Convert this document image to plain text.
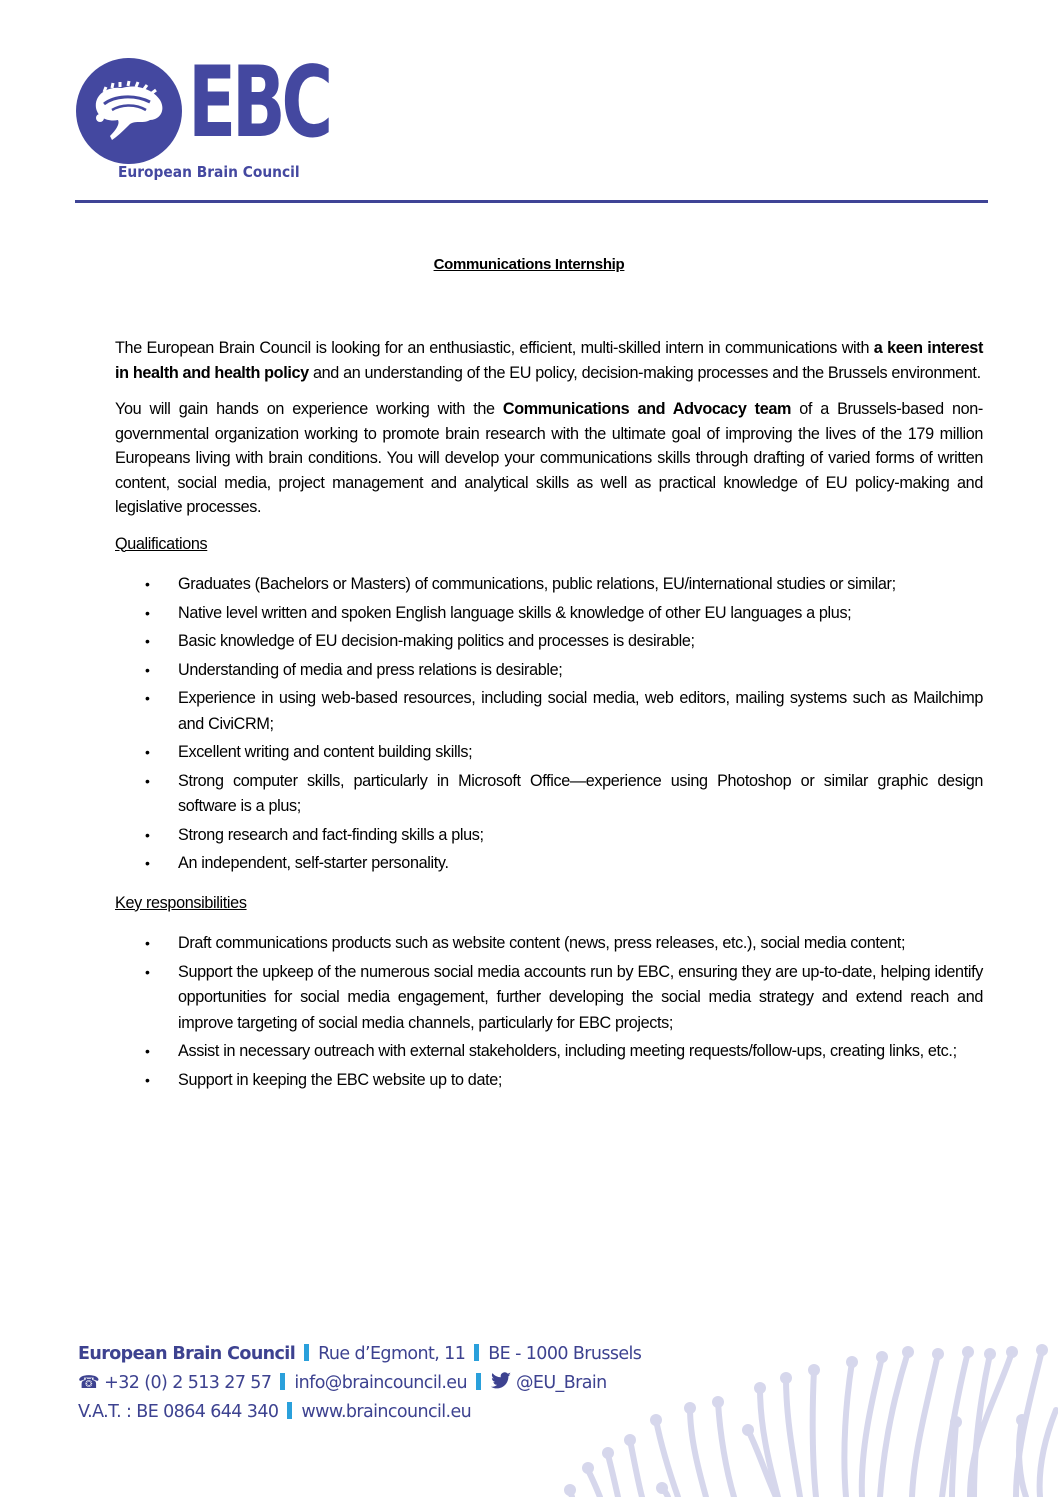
EBC
European Brain Council
Communications Internship

The European Brain Council is looking for an enthusiastic, efficient, multi-skilled intern in communications with a keen interest in health and health policy and an understanding of the EU policy, decision-making processes and the Brussels environment.

You will gain hands on experience working with the Communications and Advocacy team of a Brussels-based non-governmental organization working to promote brain research with the ultimate goal of improving the lives of the 179 million Europeans living with brain conditions. You will develop your communications skills through drafting of varied forms of written content, social media, project management and analytical skills as well as practical knowledge of EU policy-making and legislative processes.

Qualifications
• Graduates (Bachelors or Masters) of communications, public relations, EU/international studies or similar;
• Native level written and spoken English language skills & knowledge of other EU languages a plus;
• Basic knowledge of EU decision-making politics and processes is desirable;
• Understanding of media and press relations is desirable;
• Experience in using web-based resources, including social media, web editors, mailing systems such as Mailchimp and CiviCRM;
• Excellent writing and content building skills;
• Strong computer skills, particularly in Microsoft Office—experience using Photoshop or similar graphic design software is a plus;
• Strong research and fact-finding skills a plus;
• An independent, self-starter personality.
Key responsibilities
• Draft communications products such as website content (news, press releases, etc.), social media content;
• Support the upkeep of the numerous social media accounts run by EBC, ensuring they are up-to-date, helping identify opportunities for social media engagement, further developing the social media strategy and extend reach and improve targeting of social media channels, particularly for EBC projects;
• Assist in necessary outreach with external stakeholders, including meeting requests/follow-ups, creating links, etc.;
• Support in keeping the EBC website up to date;
European Brain Council Rue d’Egmont, 11 BE - 1000 Brussels
☎ +32 (0) 2 513 27 57 info@braincouncil.eu	@EU_Brain
V.A.T. : BE 0864 644 340 www.braincouncil.eu
